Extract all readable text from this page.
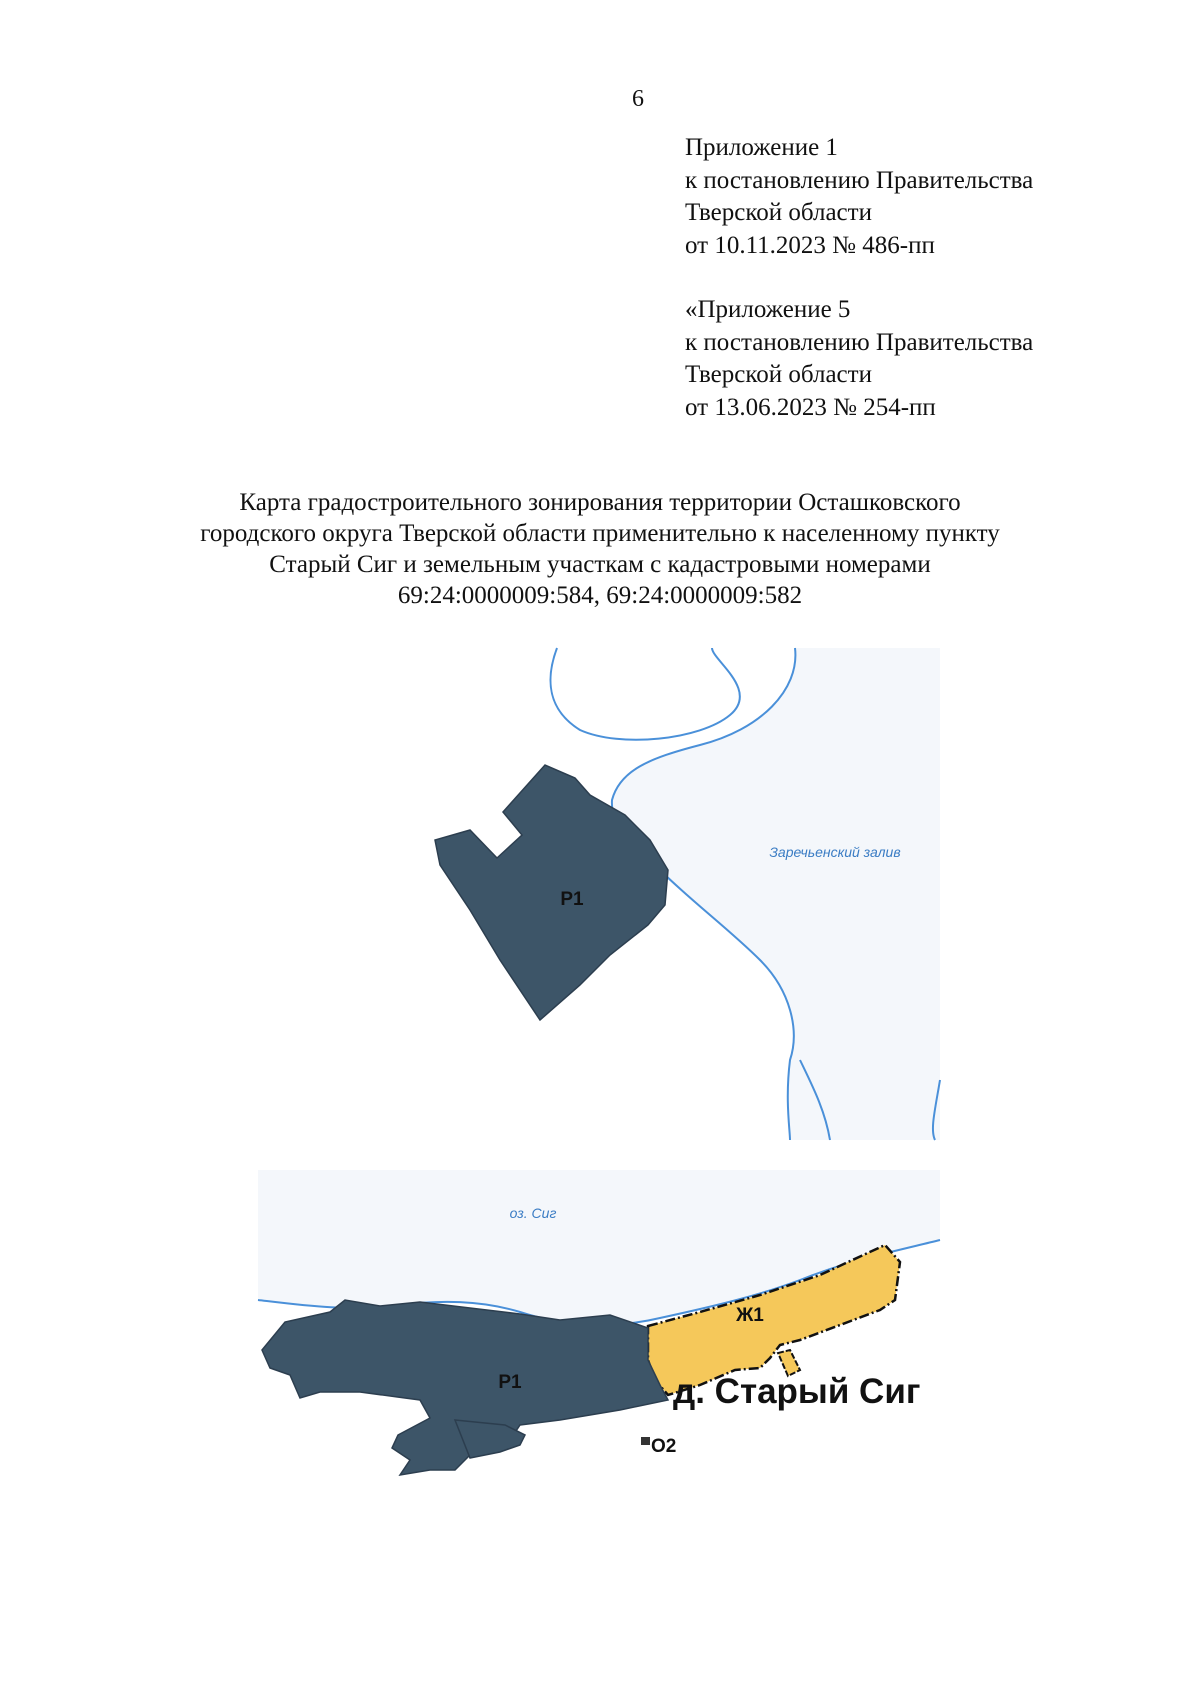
6
Приложение 1
к постановлению Правительства
Тверской области
от 10.11.2023 № 486-пп
«Приложение 5
к постановлению Правительства
Тверской области
от 13.06.2023 № 254-пп
Карта градостроительного зонирования территории Осташковского
городского округа Тверской области применительно к населенному пункту
Старый Сиг и земельным участкам с кадастровыми номерами
69:24:0000009:584, 69:24:0000009:582
Р1
Заречьенский залив
оз. Сиг
Ж1
Р1	д. Старый Сиг
О2
